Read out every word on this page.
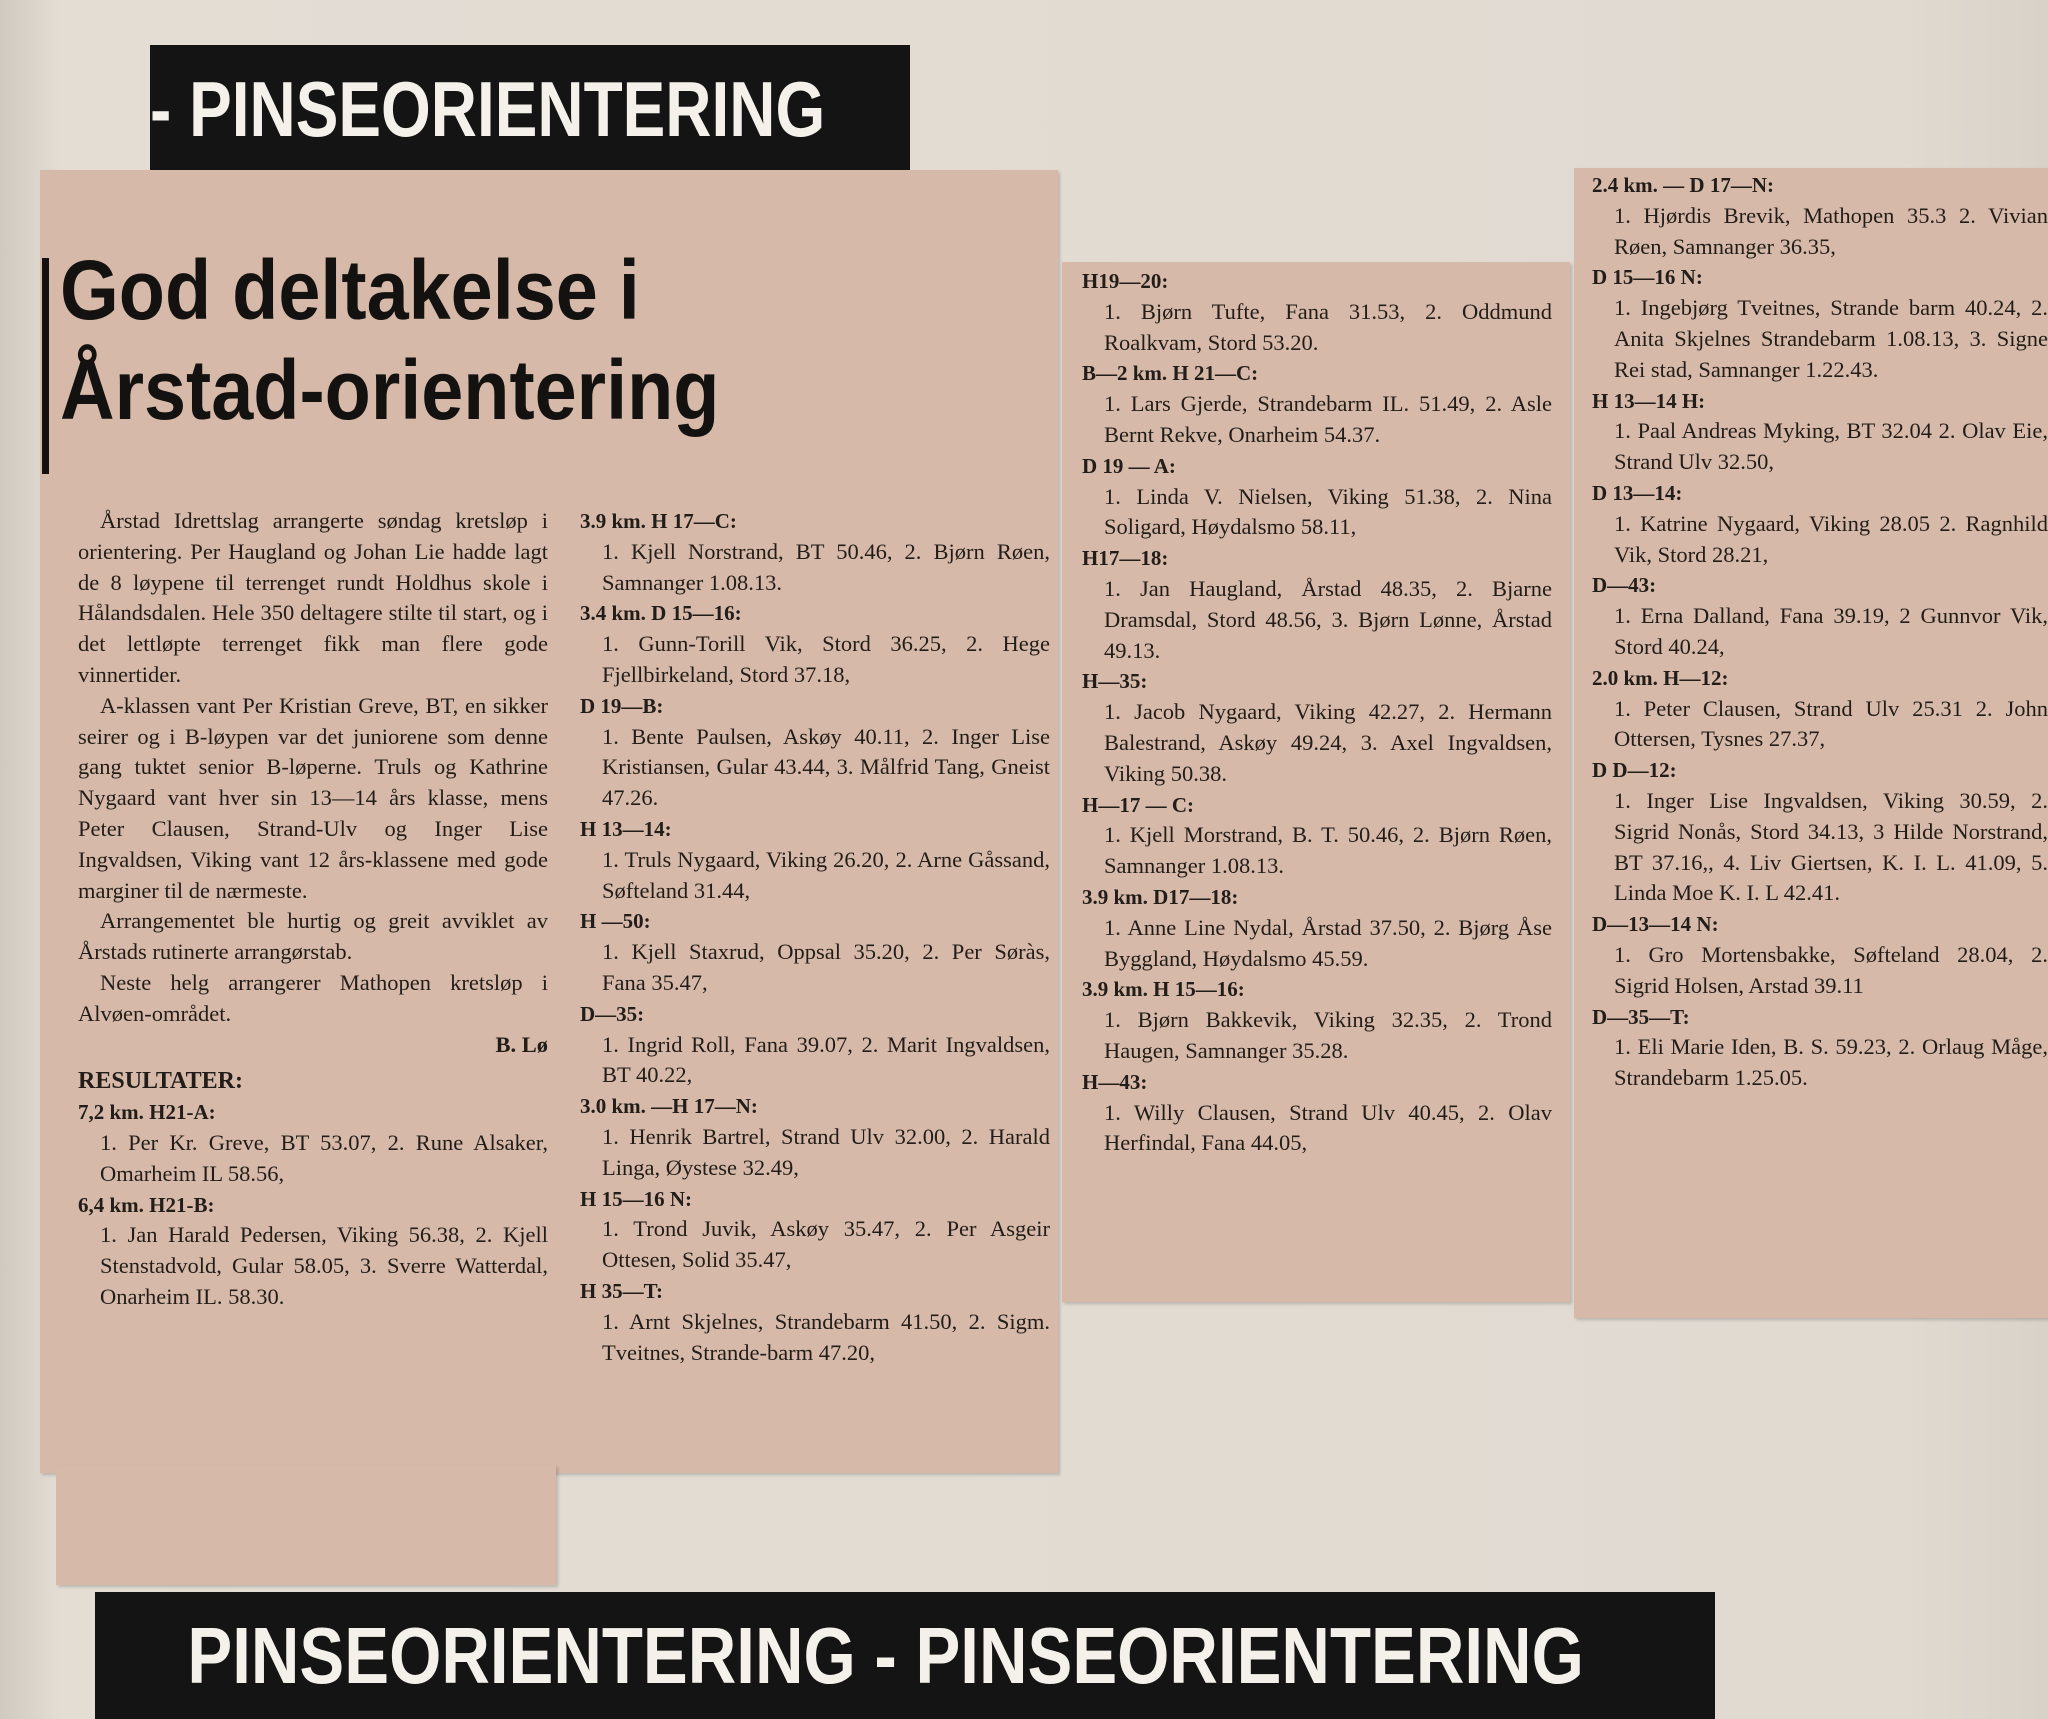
- PINSEORIENTERING
God deltakelse i
Årstad-orientering

Årstad Idrettslag arrangerte søndag kretsløp i orientering. Per Haugland og Johan Lie hadde lagt de 8 løypene til terrenget rundt Holdhus skole i Hålandsdalen. Hele 350 deltagere stilte til start, og i det lettløpte terrenget fikk man flere gode vinnertider.

A-klassen vant Per Kristian Greve, BT, en sikker seirer og i B-løypen var det juniorene som denne gang tuktet senior B-løperne. Truls og Kathrine Nygaard vant hver sin 13—14 års klasse, mens Peter Clausen, Strand-Ulv og Inger Lise Ingvaldsen, Viking vant 12 års-klassene med gode marginer til de nærmeste.

Arrangementet ble hurtig og greit avviklet av Årstads rutinerte arrangørstab.

Neste helg arrangerer Mathopen kretsløp i Alvøen-området.

B. Lø

RESULTATER:

7,2 km. H21-A:

1. Per Kr. Greve, BT 53.07, 2. Rune Alsaker, Omarheim IL 58.56,

6,4 km. H21-B:

1. Jan Harald Pedersen, Viking 56.38, 2. Kjell Stenstadvold, Gular 58.05, 3. Sverre Watterdal, Onarheim IL. 58.30.

3.9 km. H 17—C:

1. Kjell Norstrand, BT 50.46, 2. Bjørn Røen, Samnanger 1.08.13.

3.4 km. D 15—16:

1. Gunn-Torill Vik, Stord 36.25, 2. Hege Fjellbirkeland, Stord 37.18,

D 19—B:

1. Bente Paulsen, Askøy 40.11, 2. Inger Lise Kristiansen, Gular 43.44, 3. Målfrid Tang, Gneist 47.26.

H 13—14:

1. Truls Nygaard, Viking 26.20, 2. Arne Gåssand, Søfteland 31.44,

H —50:

1. Kjell Staxrud, Oppsal 35.20, 2. Per Søràs, Fana 35.47,

D—35:

1. Ingrid Roll, Fana 39.07, 2. Marit Ingvaldsen, BT 40.22,

3.0 km. —H 17—N:

1. Henrik Bartrel, Strand Ulv 32.00, 2. Harald Linga, Øystese 32.49,

H 15—16 N:

1. Trond Juvik, Askøy 35.47, 2. Per Asgeir Ottesen, Solid 35.47,

H 35—T:

1. Arnt Skjelnes, Strandebarm 41.50, 2. Sigm. Tveitnes, Strande-barm 47.20,

H19—20:

1. Bjørn Tufte, Fana 31.53, 2. Oddmund Roalkvam, Stord 53.20.

B—2 km. H 21—C:

1. Lars Gjerde, Strandebarm IL. 51.49, 2. Asle Bernt Rekve, Onarheim 54.37.

D 19 — A:

1. Linda V. Nielsen, Viking 51.38, 2. Nina Soligard, Høydalsmo 58.11,

H17—18:

1. Jan Haugland, Årstad 48.35, 2. Bjarne Dramsdal, Stord 48.56, 3. Bjørn Lønne, Årstad 49.13.

H—35:

1. Jacob Nygaard, Viking 42.27, 2. Hermann Balestrand, Askøy 49.24, 3. Axel Ingvaldsen, Viking 50.38.

H—17 — C:

1. Kjell Morstrand, B. T. 50.46, 2. Bjørn Røen, Samnanger 1.08.13.

3.9 km. D17—18:

1. Anne Line Nydal, Årstad 37.50, 2. Bjørg Åse Byggland, Høydalsmo 45.59.

3.9 km. H 15—16:

1. Bjørn Bakkevik, Viking 32.35, 2. Trond Haugen, Samnanger 35.28.

H—43:

1. Willy Clausen, Strand Ulv 40.45, 2. Olav Herfindal, Fana 44.05,

2.4 km. — D 17—N:

1. Hjørdis Brevik, Mathopen 35.3 2. Vivian Røen, Samnanger 36.35,

D 15—16 N:

1. Ingebjørg Tveitnes, Strande barm 40.24, 2. Anita Skjelnes Strandebarm 1.08.13, 3. Signe Rei stad, Samnanger 1.22.43.

H 13—14 H:

1. Paal Andreas Myking, BT 32.04 2. Olav Eie, Strand Ulv 32.50,

D 13—14:

1. Katrine Nygaard, Viking 28.05 2. Ragnhild Vik, Stord 28.21,

D—43:

1. Erna Dalland, Fana 39.19, 2 Gunnvor Vik, Stord 40.24,

2.0 km. H—12:

1. Peter Clausen, Strand Ulv 25.31 2. John Ottersen, Tysnes 27.37,

D D—12:

1. Inger Lise Ingvaldsen, Viking 30.59, 2. Sigrid Nonås, Stord 34.13, 3 Hilde Norstrand, BT 37.16,, 4. Liv Giertsen, K. I. L. 41.09, 5. Linda Moe K. I. L 42.41.

D—13—14 N:

1. Gro Mortensbakke, Søfteland 28.04, 2. Sigrid Holsen, Arstad 39.11

D—35—T:

1. Eli Marie Iden, B. S. 59.23, 2. Orlaug Måge, Strandebarm 1.25.05.

PINSEORIENTERING - PINSEORIENTERING
